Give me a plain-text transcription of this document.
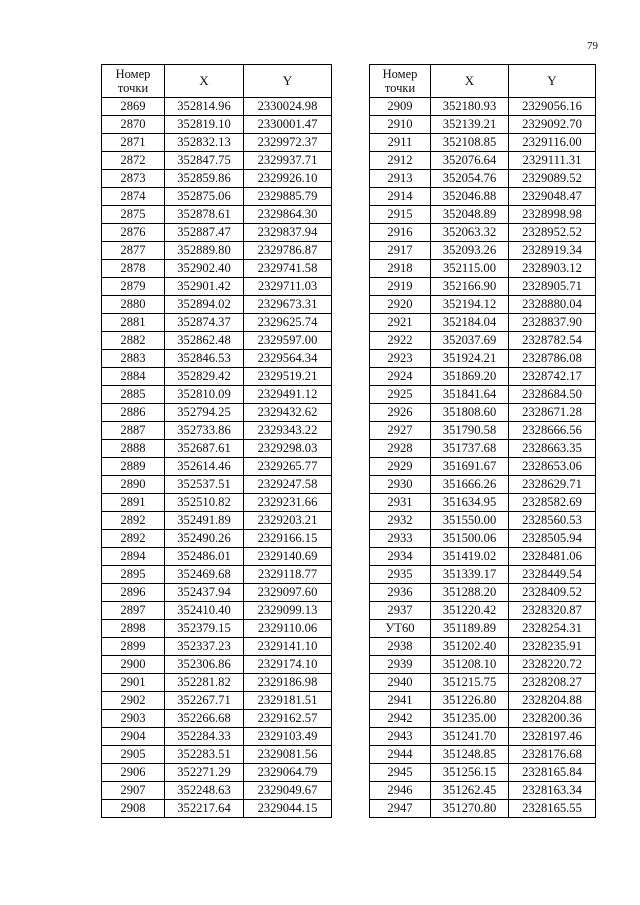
79
Номер
точки	X	Y
2869	352814.96	2330024.98
2870	352819.10	2330001.47
2871	352832.13	2329972.37
2872	352847.75	2329937.71
2873	352859.86	2329926.10
2874	352875.06	2329885.79
2875	352878.61	2329864.30
2876	352887.47	2329837.94
2877	352889.80	2329786.87
2878	352902.40	2329741.58
2879	352901.42	2329711.03
2880	352894.02	2329673.31
2881	352874.37	2329625.74
2882	352862.48	2329597.00
2883	352846.53	2329564.34
2884	352829.42	2329519.21
2885	352810.09	2329491.12
2886	352794.25	2329432.62
2887	352733.86	2329343.22
2888	352687.61	2329298.03
2889	352614.46	2329265.77
2890	352537.51	2329247.58
2891	352510.82	2329231.66
2892	352491.89	2329203.21
2892	352490.26	2329166.15
2894	352486.01	2329140.69
2895	352469.68	2329118.77
2896	352437.94	2329097.60
2897	352410.40	2329099.13
2898	352379.15	2329110.06
2899	352337.23	2329141.10
2900	352306.86	2329174.10
2901	352281.82	2329186.98
2902	352267.71	2329181.51
2903	352266.68	2329162.57
2904	352284.33	2329103.49
2905	352283.51	2329081.56
2906	352271.29	2329064.79
2907	352248.63	2329049.67
2908	352217.64	2329044.15
Номер
точки	X	Y
2909	352180.93	2329056.16
2910	352139.21	2329092.70
2911	352108.85	2329116.00
2912	352076.64	2329111.31
2913	352054.76	2329089.52
2914	352046.88	2329048.47
2915	352048.89	2328998.98
2916	352063.32	2328952.52
2917	352093.26	2328919.34
2918	352115.00	2328903.12
2919	352166.90	2328905.71
2920	352194.12	2328880.04
2921	352184.04	2328837.90
2922	352037.69	2328782.54
2923	351924.21	2328786.08
2924	351869.20	2328742.17
2925	351841.64	2328684.50
2926	351808.60	2328671.28
2927	351790.58	2328666.56
2928	351737.68	2328663.35
2929	351691.67	2328653.06
2930	351666.26	2328629.71
2931	351634.95	2328582.69
2932	351550.00	2328560.53
2933	351500.06	2328505.94
2934	351419.02	2328481.06
2935	351339.17	2328449.54
2936	351288.20	2328409.52
2937	351220.42	2328320.87
УТ60	351189.89	2328254.31
2938	351202.40	2328235.91
2939	351208.10	2328220.72
2940	351215.75	2328208.27
2941	351226.80	2328204.88
2942	351235.00	2328200.36
2943	351241.70	2328197.46
2944	351248.85	2328176.68
2945	351256.15	2328165.84
2946	351262.45	2328163.34
2947	351270.80	2328165.55
